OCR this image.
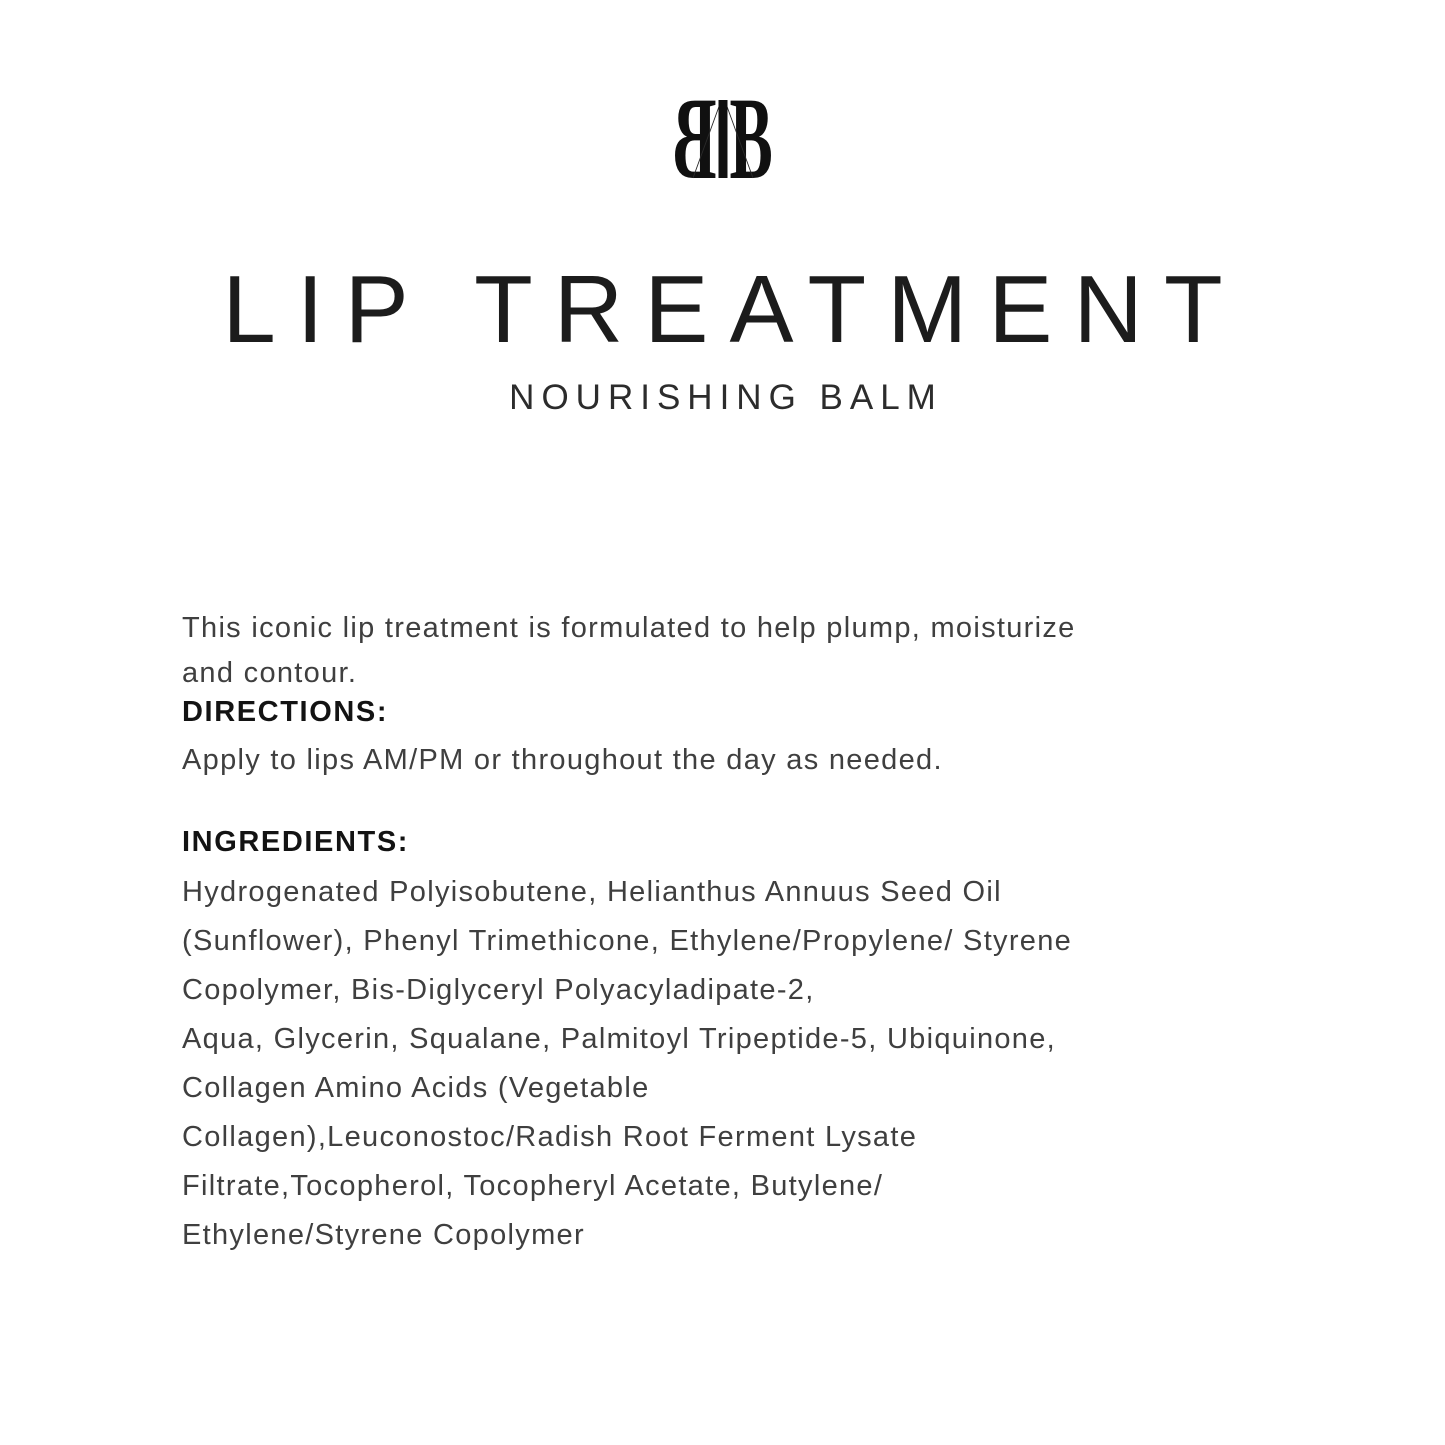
B B
LIP TREATMENT
NOURISHING BALM

This iconic lip treatment is formulated to help plump, moisturize
and contour.

DIRECTIONS:

Apply to lips AM/PM or throughout the day as needed.

INGREDIENTS:
Hydrogenated Polyisobutene, Helianthus Annuus Seed Oil
(Sunflower), Phenyl Trimethicone, Ethylene/Propylene/ Styrene
Copolymer, Bis-Diglyceryl Polyacyladipate-2,
Aqua, Glycerin, Squalane, Palmitoyl Tripeptide-5, Ubiquinone,
Collagen Amino Acids (Vegetable
Collagen),Leuconostoc/Radish Root Ferment Lysate
Filtrate,Tocopherol, Tocopheryl Acetate, Butylene/
Ethylene/Styrene Copolymer
